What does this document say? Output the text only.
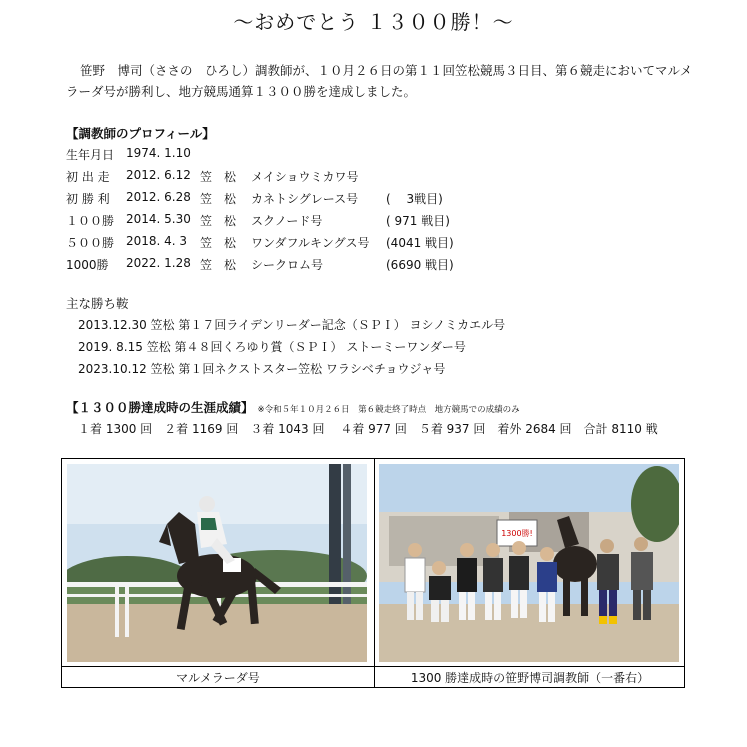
～おめでとう １３００勝！～
笹野　博司（ささの　ひろし）調教師が、１０月２６日の第１１回笠松競馬３日目、第６競走においてマルメラーダ号が勝利し、地方競馬通算１３００勝を達成しました。
【調教師のプロフィール】
生年月日 1974. 1.10
初 出 走 2012. 6.12 笠　松 メイショウミカワ号
初 勝 利 2012. 6.28 笠　松 カネトシグレース号 (　 3戦目)
１００勝 2014. 5.30 笠　松 スクノード号	( 971 戦目)
５００勝 2018. 4. 3 笠　松 ワンダフルキングス号 (4041 戦目)
1000勝 2022. 1.28 笠　松 シークロム号	(6690 戦目)
主な勝ち鞍
2013.12.30 笠松 第１７回ライデンリーダー記念（ＳＰＩ） ヨシノミカエル号
2019. 8.15 笠松 第４８回くろゆり賞（ＳＰＩ） ストーミーワンダー号
2023.10.12 笠松 第１回ネクストスター笠松 ワラシベチョウジャ号
【１３００勝達成時の生涯成績】 ※令和５年１０月２６日　第６競走終了時点　地方競馬での成績のみ
１着 1300 回　２着 1169 回　３着 1043 回　 ４着 977 回　５着 937 回　着外 2684 回　合計 8110 戦
1300勝!
マルメラーダ号	1300 勝達成時の笹野博司調教師（一番右）
